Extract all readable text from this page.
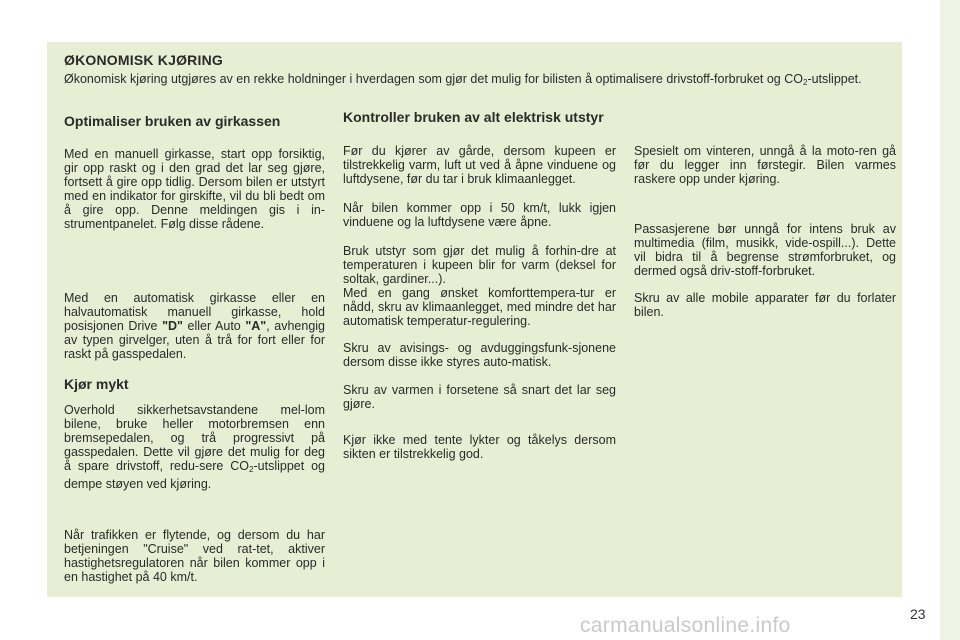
ØKONOMISK KJØRING
Økonomisk kjøring utgjøres av en rekke holdninger i hverdagen som gjør det mulig for bilisten å optimalisere drivstoff-forbruket og $CO_2$-utslippet.
Optimaliser bruken av girkassen
Med en manuell girkasse, start opp forsiktig, gir opp raskt og i den grad det lar seg gjøre, fortsett å gire opp tidlig. Dersom bilen er utstyrt med en indikator for girskifte, vil du bli bedt om å gire opp. Denne meldingen gis i in-strumentpanelet. Følg disse rådene.
Med en automatisk girkasse eller en halvautomatisk manuell girkasse, hold posisjonen Drive "D" eller Auto "A", avhengig av typen girvelger, uten å trå for fort eller for raskt på gasspedalen.
Kjør mykt
Overhold sikkerhetsavstandene mel-lom bilene, bruke heller motorbremsen enn bremsepedalen, og trå progressivt på gasspedalen. Dette vil gjøre det mulig for deg å spare drivstoff, redu-sere $CO_2$-utslippet og dempe støyen ved kjøring.
Når trafikken er flytende, og dersom du har betjeningen "Cruise" ved rat-tet, aktiver hastighetsregulatoren når bilen kommer opp i en hastighet på 40 km/t.
Kontroller bruken av alt elektrisk utstyr
Før du kjører av gårde, dersom kupeen er tilstrekkelig varm, luft ut ved å åpne vinduene og luftdysene, før du tar i bruk klimaanlegget.
Når bilen kommer opp i 50 km/t, lukk igjen vinduene og la luftdysene være åpne.
Bruk utstyr som gjør det mulig å forhin-dre at temperaturen i kupeen blir for varm (deksel for soltak, gardiner...).
Med en gang ønsket komforttempera-tur er nådd, skru av klimaanlegget, med mindre det har automatisk temperatur-regulering.
Skru av avisings- og avduggingsfunk-sjonene dersom disse ikke styres auto-matisk.
Skru av varmen i forsetene så snart det lar seg gjøre.
Kjør ikke med tente lykter og tåkelys dersom sikten er tilstrekkelig god.
Spesielt om vinteren, unngå å la moto-ren gå før du legger inn førstegir. Bilen varmes raskere opp under kjøring.
Passasjerene bør unngå for intens bruk av multimedia (film, musikk, vide-ospill...). Dette vil bidra til å begrense strømforbruket, og dermed også driv-stoff-forbruket.
Skru av alle mobile apparater før du forlater bilen.
23
carmanualsonline.info
